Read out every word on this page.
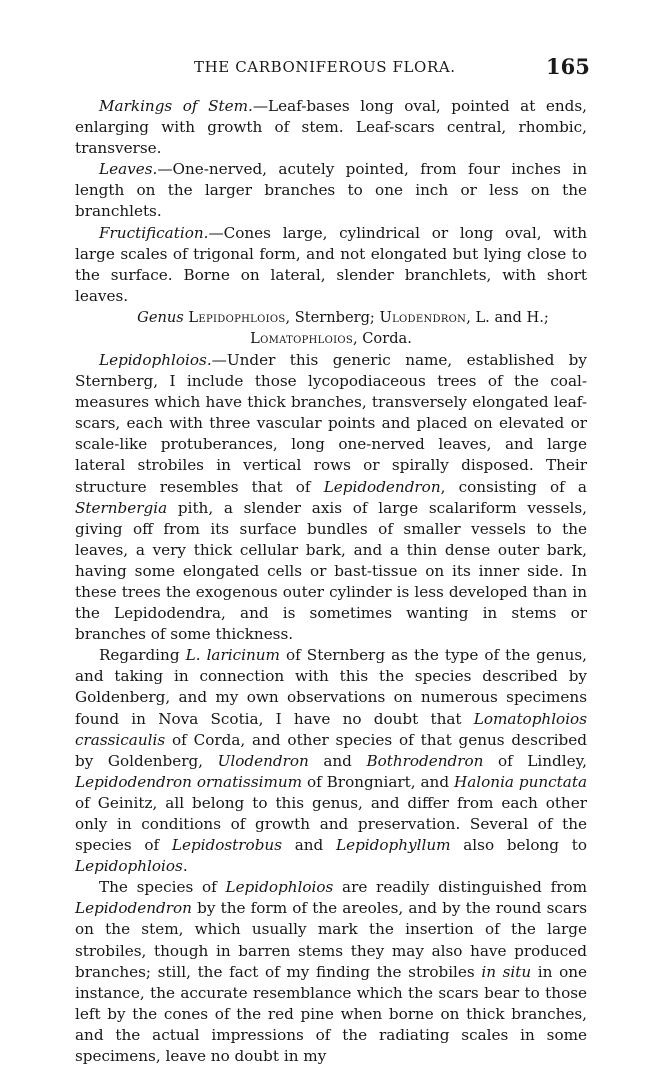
THE CARBONIFEROUS FLORA.	165

Markings of Stem.—Leaf-bases long oval, pointed at ends, enlarging with growth of stem. Leaf-scars central, rhombic, transverse.

Leaves.—One-nerved, acutely pointed, from four inches in length on the larger branches to one inch or less on the branchlets.

Fructification.—Cones large, cylindrical or long oval, with large scales of trigonal form, and not elongated but lying close to the surface. Borne on lateral, slender branchlets, with short leaves.

Genus Lepidophloios, Sternberg; Ulodendron, L. and H.;
Lomatophloios, Corda.

Lepidophloios.—Under this generic name, established by Sternberg, I include those lycopodiaceous trees of the coal-measures which have thick branches, transversely elongated leaf-scars, each with three vascular points and placed on elevated or scale-like protuberances, long one-nerved leaves, and large lateral strobiles in vertical rows or spirally disposed. Their structure resembles that of Lepidodendron, consisting of a Sternbergia pith, a slender axis of large scalariform vessels, giving off from its surface bundles of smaller vessels to the leaves, a very thick cellular bark, and a thin dense outer bark, having some elongated cells or bast-tissue on its inner side. In these trees the exogenous outer cylinder is less developed than in the Lepidodendra, and is sometimes wanting in stems or branches of some thickness.

Regarding L. laricinum of Sternberg as the type of the genus, and taking in connection with this the species described by Goldenberg, and my own observations on numerous specimens found in Nova Scotia, I have no doubt that Lomatophloios crassicaulis of Corda, and other species of that genus described by Goldenberg, Ulodendron and Bothrodendron of Lindley, Lepidodendron ornatissimum of Brongniart, and Halonia punctata of Geinitz, all belong to this genus, and differ from each other only in conditions of growth and preservation. Several of the species of Lepidostrobus and Lepidophyllum also belong to Lepidophloios.

The species of Lepidophloios are readily distinguished from Lepidodendron by the form of the areoles, and by the round scars on the stem, which usually mark the insertion of the large strobiles, though in barren stems they may also have produced branches; still, the fact of my finding the strobiles in situ in one instance, the accurate resemblance which the scars bear to those left by the cones of the red pine when borne on thick branches, and the actual impressions of the radiating scales in some specimens, leave no doubt in my
